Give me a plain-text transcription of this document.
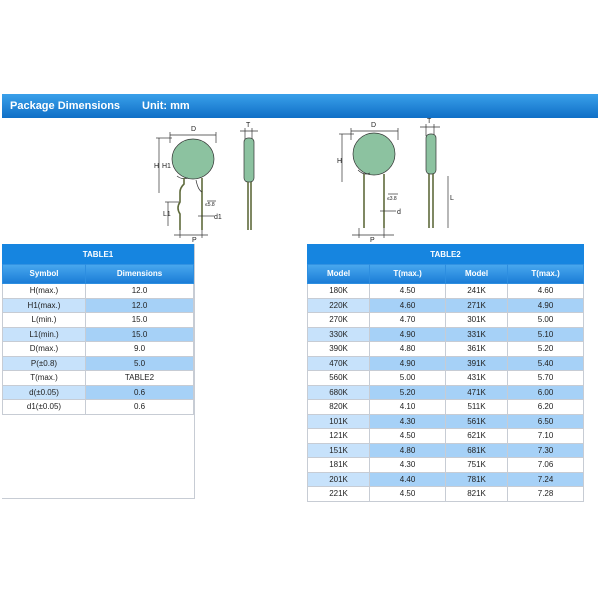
Package Dimensions Unit: mm
D
T
H H1
L1
P
d1
≤5.8
D
T
H
L
P
d
≤3.8
TABLE1	
Symbol	Dimensions
H(max.)	12.0
H1(max.)	12.0
L(min.)	15.0
L1(min.)	15.0
D(max.)	9.0
P(±0.8)	5.0
T(max.)	TABLE2
d(±0.05)	0.6
d1(±0.05)	0.6
TABLE2			
Model	T(max.)	Model	T(max.)
180K	4.50	241K	4.60
220K	4.60	271K	4.90
270K	4.70	301K	5.00
330K	4.90	331K	5.10
390K	4.80	361K	5.20
470K	4.90	391K	5.40
560K	5.00	431K	5.70
680K	5.20	471K	6.00
820K	4.10	511K	6.20
101K	4.30	561K	6.50
121K	4.50	621K	7.10
151K	4.80	681K	7.30
181K	4.30	751K	7.06
201K	4.40	781K	7.24
221K	4.50	821K	7.28
